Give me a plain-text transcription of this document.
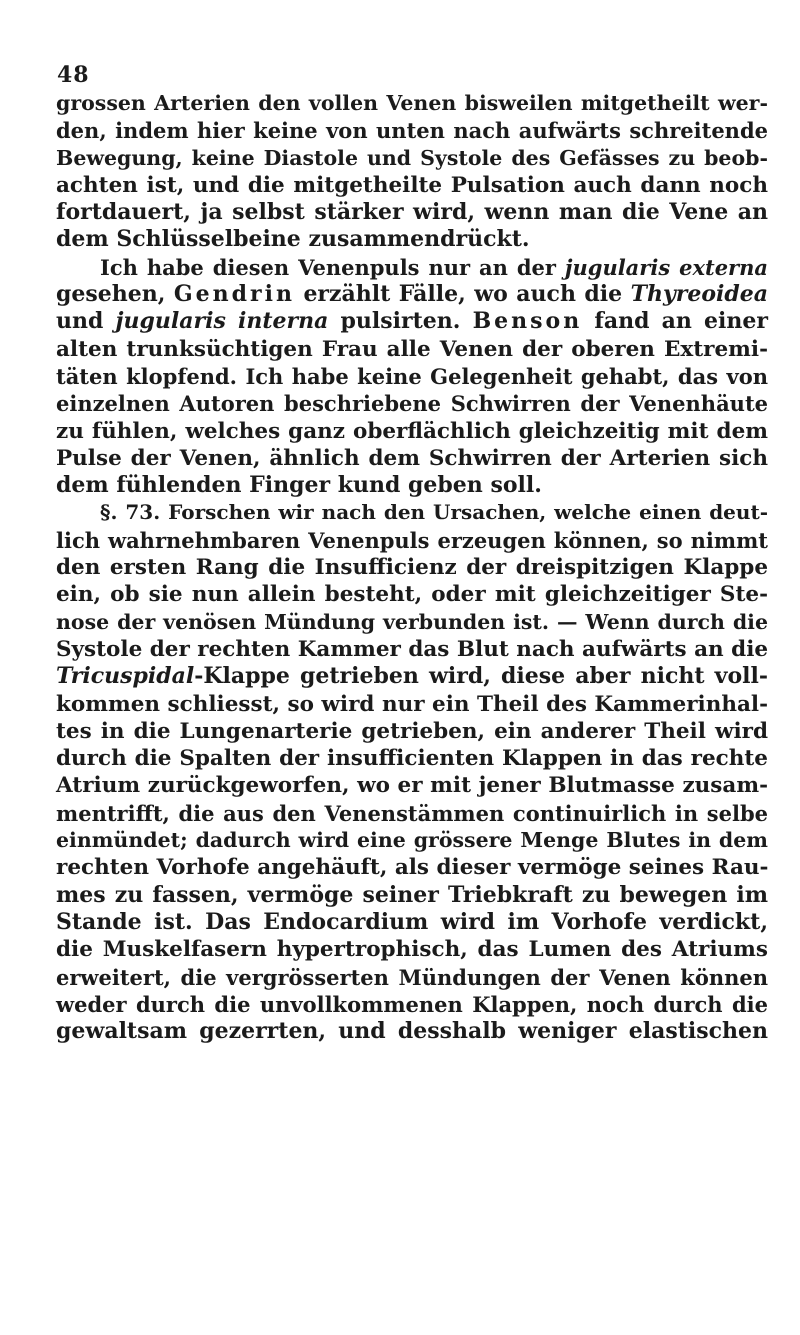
48
grossen Arterien den vollen Venen bisweilen mitgetheilt wer-
den, indem hier keine von unten nach aufwärts schreitende
Bewegung, keine Diastole und Systole des Gefässes zu beob-
achten ist, und die mitgetheilte Pulsation auch dann noch
fortdauert, ja selbst stärker wird, wenn man die Vene an
dem Schlüsselbeine zusammendrückt.
Ich habe diesen Venenpuls nur an der jugularis externa
gesehen, Gendrin erzählt Fälle, wo auch die Thyreoidea
und jugularis interna pulsirten. Benson fand an einer
alten trunksüchtigen Frau alle Venen der oberen Extremi-
täten klopfend. Ich habe keine Gelegenheit gehabt, das von
einzelnen Autoren beschriebene Schwirren der Venenhäute
zu fühlen, welches ganz oberflächlich gleichzeitig mit dem
Pulse der Venen, ähnlich dem Schwirren der Arterien sich
dem fühlenden Finger kund geben soll.
§. 73. Forschen wir nach den Ursachen, welche einen deut-
lich wahrnehmbaren Venenpuls erzeugen können, so nimmt
den ersten Rang die Insufficienz der dreispitzigen Klappe
ein, ob sie nun allein besteht, oder mit gleichzeitiger Ste-
nose der venösen Mündung verbunden ist. — Wenn durch die
Systole der rechten Kammer das Blut nach aufwärts an die
Tricuspidal-Klappe getrieben wird, diese aber nicht voll-
kommen schliesst, so wird nur ein Theil des Kammerinhal-
tes in die Lungenarterie getrieben, ein anderer Theil wird
durch die Spalten der insufficienten Klappen in das rechte
Atrium zurückgeworfen, wo er mit jener Blutmasse zusam-
mentrifft, die aus den Venenstämmen continuirlich in selbe
einmündet; dadurch wird eine grössere Menge Blutes in dem
rechten Vorhofe angehäuft, als dieser vermöge seines Rau-
mes zu fassen, vermöge seiner Triebkraft zu bewegen im
Stande ist. Das Endocardium wird im Vorhofe verdickt,
die Muskelfasern hypertrophisch, das Lumen des Atriums
erweitert, die vergrösserten Mündungen der Venen können
weder durch die unvollkommenen Klappen, noch durch die
gewaltsam gezerrten, und desshalb weniger elastischen
